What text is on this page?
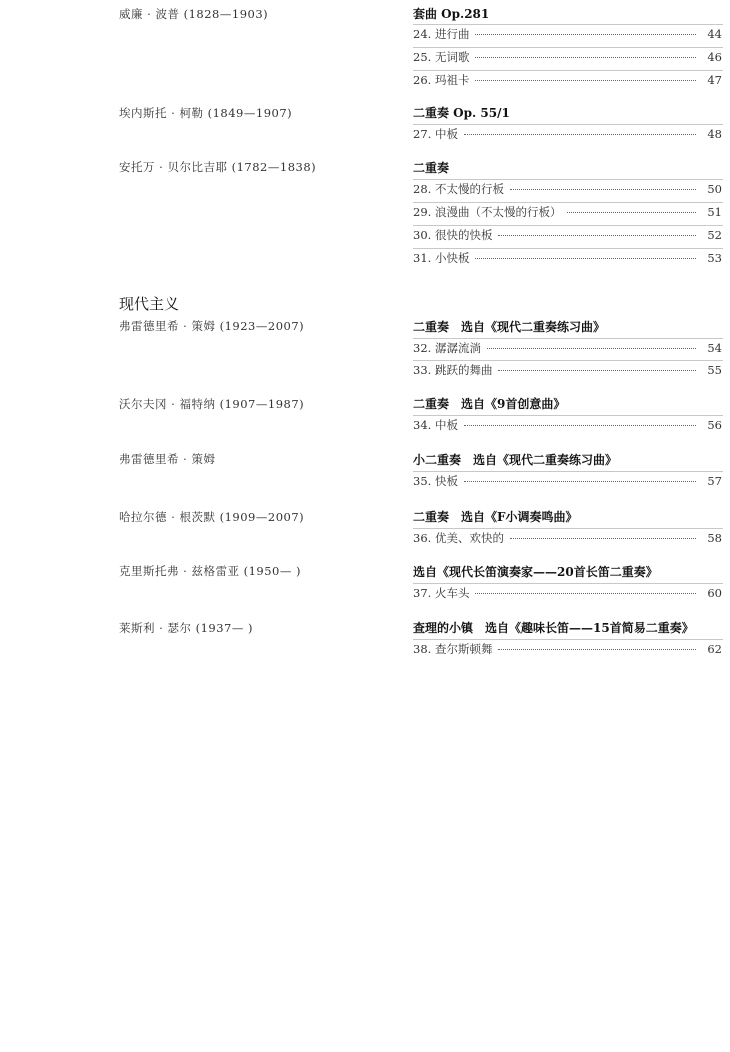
威廉 · 波普 (1828—1903)	套曲 Op.281
24. 进行曲	44
25. 无词歌	46
26. 玛祖卡	47
埃内斯托 · 柯勒 (1849—1907)	二重奏 Op. 55/1
27. 中板	48
安托万 · 贝尔比吉耶 (1782—1838)	二重奏
28. 不太慢的行板	50
29. 浪漫曲（不太慢的行板）	51
30. 很快的快板	52
31. 小快板	53
现代主义
弗雷德里希 · 策姆 (1923—2007)	二重奏　选自《现代二重奏练习曲》
32. 潺潺流淌	54
33. 跳跃的舞曲	55
沃尔夫冈 · 福特纳 (1907—1987)	二重奏　选自《9首创意曲》
34. 中板	56
弗雷德里希 · 策姆	小二重奏　选自《现代二重奏练习曲》
35. 快板	57
哈拉尔德 · 根茨默 (1909—2007)	二重奏　选自《F小调奏鸣曲》
36. 优美、欢快的	58
克里斯托弗 · 兹格雷亚 (1950— )	选自《现代长笛演奏家——20首长笛二重奏》
37. 火车头	60
莱斯利 · 瑟尔 (1937— )	查理的小镇　选自《趣味长笛——15首简易二重奏》
38. 查尔斯顿舞	62
